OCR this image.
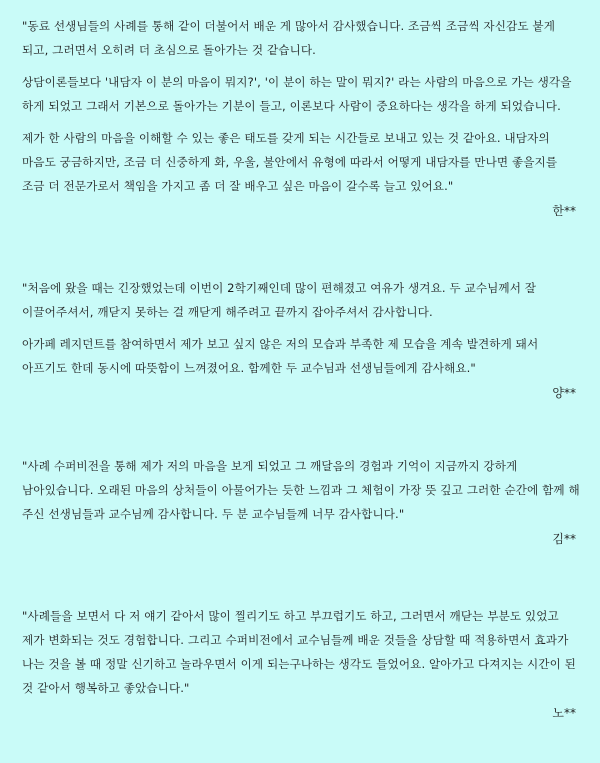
"동료 선생님들의 사례를 통해 같이 더불어서 배운 게 많아서 감사했습니다. 조금씩 조금씩 자신감도 붙게 되고, 그러면서 오히려 더 초심으로 돌아가는 것 같습니다.

상담이론들보다 '내담자 이 분의 마음이 뭐지?', '이 분이 하는 말이 뭐지?' 라는 사람의 마음으로 가는 생각을 하게 되었고 그래서 기본으로 돌아가는 기분이 들고, 이론보다 사람이 중요하다는 생각을 하게 되었습니다.

제가 한 사람의 마음을 이해할 수 있는 좋은 태도를 갖게 되는 시간들로 보내고 있는 것 같아요. 내담자의 마음도 궁금하지만, 조금 더 신중하게 화, 우울, 불안에서 유형에 따라서 어떻게 내담자를 만나면 좋을지를 조금 더 전문가로서 책임을 가지고 좀 더 잘 배우고 싶은 마음이 갈수록 늘고 있어요."

한**

"처음에 왔을 때는 긴장했었는데 이번이 2학기째인데 많이 편해졌고 여유가 생겨요. 두 교수님께서 잘 이끌어주셔서, 깨닫지 못하는 걸 깨닫게 해주려고 끝까지 잡아주셔서 감사합니다.

아가페 레지던트를 참여하면서 제가 보고 싶지 않은 저의 모습과 부족한 제 모습을 계속 발견하게 돼서 아프기도 한데 동시에 따뜻함이 느껴졌어요. 함께한 두 교수님과 선생님들에게 감사해요."

양**

"사례 수퍼비전을 통해 제가 저의 마음을 보게 되었고 그 깨달음의 경험과 기억이 지금까지 강하게 남아있습니다. 오래된 마음의 상처들이 아물어가는 듯한 느낌과 그 체험이 가장 뜻 깊고 그러한 순간에 함께 해 주신 선생님들과 교수님께 감사합니다. 두 분 교수님들께 너무 감사합니다."

김**

"사례들을 보면서 다 저 얘기 같아서 많이 찔리기도 하고 부끄럽기도 하고, 그러면서 깨닫는 부분도 있었고 제가 변화되는 것도 경험합니다. 그리고 수퍼비전에서 교수님들께 배운 것들을 상담할 때 적용하면서 효과가 나는 것을 볼 때 정말 신기하고 놀라우면서 이게 되는구나하는 생각도 들었어요. 알아가고 다져지는 시간이 된 것 같아서 행복하고 좋았습니다."

노**
